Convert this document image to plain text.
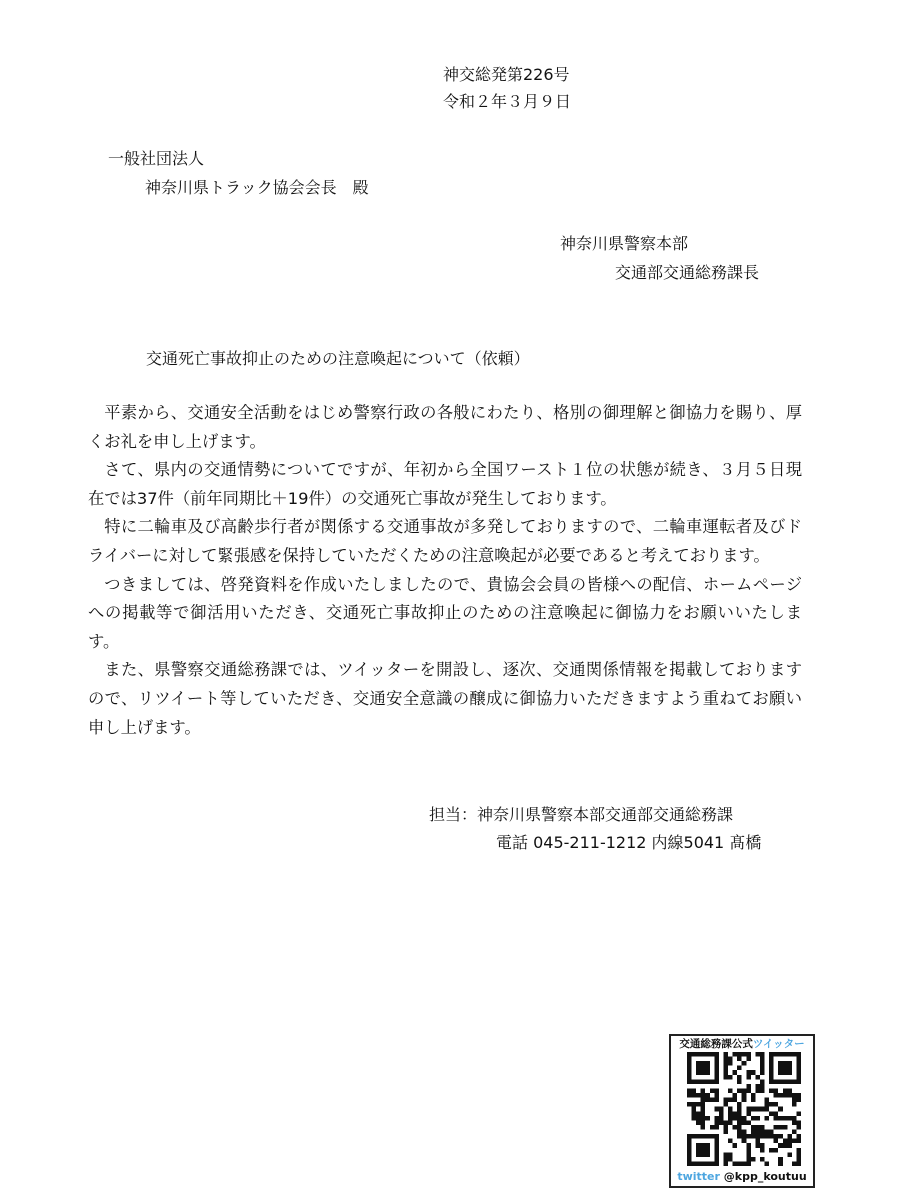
神交総発第226号
令和２年３月９日
一般社団法人
神奈川県トラック協会会長　殿
神奈川県警察本部
交通部交通総務課長
交通死亡事故抑止のための注意喚起について（依頼）

平素から、交通安全活動をはじめ警察行政の各般にわたり、格別の御理解と御協力を賜り、厚くお礼を申し上げます。

さて、県内の交通情勢についてですが、年初から全国ワースト１位の状態が続き、３月５日現在では37件（前年同期比＋19件）の交通死亡事故が発生しております。

特に二輪車及び高齢歩行者が関係する交通事故が多発しておりますので、二輪車運転者及びドライバーに対して緊張感を保持していただくための注意喚起が必要であると考えております。

つきましては、啓発資料を作成いたしましたので、貴協会会員の皆様への配信、ホームページへの掲載等で御活用いただき、交通死亡事故抑止のための注意喚起に御協力をお願いいたします。

また、県警察交通総務課では、ツイッターを開設し、逐次、交通関係情報を掲載しておりますので、リツイート等していただき、交通安全意識の醸成に御協力いただきますよう重ねてお願い申し上げます。

担当：神奈川県警察本部交通部交通総務課
電話 045-211-1212 内線5041 髙橋
交通総務課公式ツイッター
twitter @kpp_koutuu
